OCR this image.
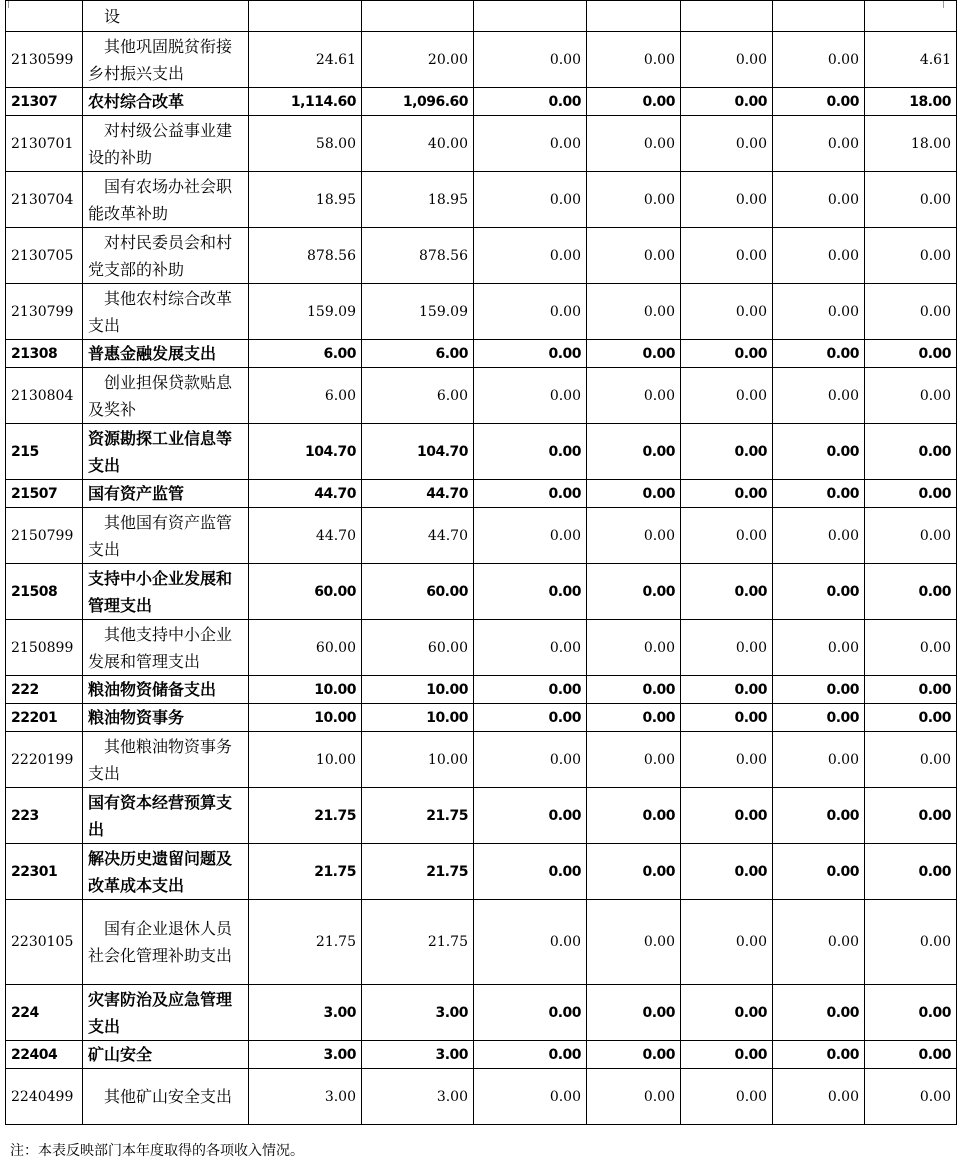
	设							
2130599	其他巩固脱贫衔接乡村振兴支出	24.61	20.00	0.00	0.00	0.00	0.00	4.61
21307	农村综合改革	1,114.60	1,096.60	0.00	0.00	0.00	0.00	18.00
2130701	对村级公益事业建设的补助	58.00	40.00	0.00	0.00	0.00	0.00	18.00
2130704	国有农场办社会职能改革补助	18.95	18.95	0.00	0.00	0.00	0.00	0.00
2130705	对村民委员会和村党支部的补助	878.56	878.56	0.00	0.00	0.00	0.00	0.00
2130799	其他农村综合改革支出	159.09	159.09	0.00	0.00	0.00	0.00	0.00
21308	普惠金融发展支出	6.00	6.00	0.00	0.00	0.00	0.00	0.00
2130804	创业担保贷款贴息及奖补	6.00	6.00	0.00	0.00	0.00	0.00	0.00
215	资源勘探工业信息等支出	104.70	104.70	0.00	0.00	0.00	0.00	0.00
21507	国有资产监管	44.70	44.70	0.00	0.00	0.00	0.00	0.00
2150799	其他国有资产监管支出	44.70	44.70	0.00	0.00	0.00	0.00	0.00
21508	支持中小企业发展和管理支出	60.00	60.00	0.00	0.00	0.00	0.00	0.00
2150899	其他支持中小企业发展和管理支出	60.00	60.00	0.00	0.00	0.00	0.00	0.00
222	粮油物资储备支出	10.00	10.00	0.00	0.00	0.00	0.00	0.00
22201	粮油物资事务	10.00	10.00	0.00	0.00	0.00	0.00	0.00
2220199	其他粮油物资事务支出	10.00	10.00	0.00	0.00	0.00	0.00	0.00
223	国有资本经营预算支出	21.75	21.75	0.00	0.00	0.00	0.00	0.00
22301	解决历史遗留问题及改革成本支出	21.75	21.75	0.00	0.00	0.00	0.00	0.00
2230105	国有企业退休人员社会化管理补助支出	21.75	21.75	0.00	0.00	0.00	0.00	0.00
224	灾害防治及应急管理支出	3.00	3.00	0.00	0.00	0.00	0.00	0.00
22404	矿山安全	3.00	3.00	0.00	0.00	0.00	0.00	0.00
2240499	其他矿山安全支出	3.00	3.00	0.00	0.00	0.00	0.00	0.00
注：本表反映部门本年度取得的各项收入情况。
